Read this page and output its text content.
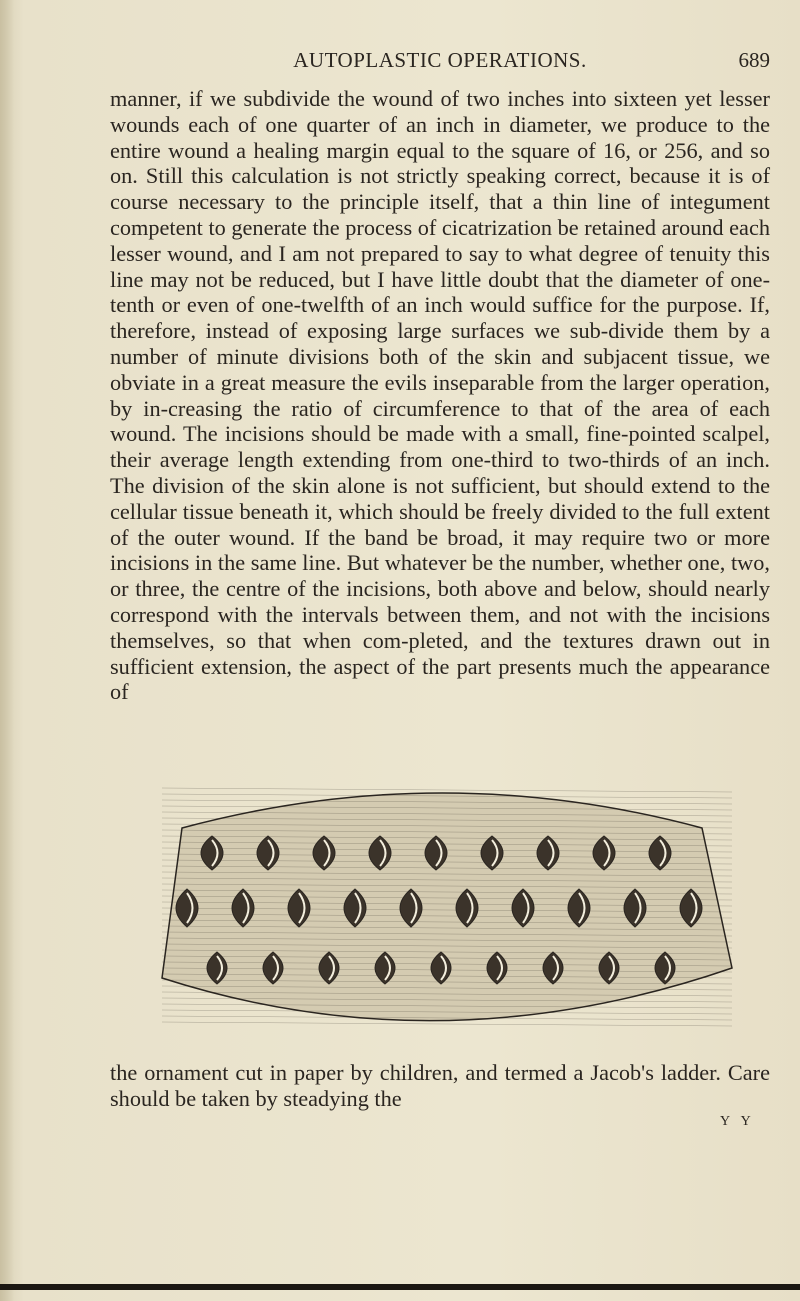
AUTOPLASTIC OPERATIONS.	689

manner, if we subdivide the wound of two inches into sixteen yet lesser wounds each of one quarter of an inch in diameter, we produce to the entire wound a healing margin equal to the square of 16, or 256, and so on. Still this calculation is not strictly speaking correct, because it is of course necessary to the principle itself, that a thin line of integument competent to generate the process of cicatrization be retained around each lesser wound, and I am not prepared to say to what degree of tenuity this line may not be reduced, but I have little doubt that the diameter of one-tenth or even of one-twelfth of an inch would suffice for the purpose. If, therefore, instead of exposing large surfaces we sub-divide them by a number of minute divisions both of the skin and subjacent tissue, we obviate in a great measure the evils inseparable from the larger operation, by in-creasing the ratio of circumference to that of the area of each wound. The incisions should be made with a small, fine-pointed scalpel, their average length extending from one-third to two-thirds of an inch. The division of the skin alone is not sufficient, but should extend to the cellular tissue beneath it, which should be freely divided to the full extent of the outer wound. If the band be broad, it may require two or more incisions in the same line. But whatever be the number, whether one, two, or three, the centre of the incisions, both above and below, should nearly correspond with the intervals between them, and not with the incisions themselves, so that when com-pleted, and the textures drawn out in sufficient extension, the aspect of the part presents much the appearance of

the ornament cut in paper by children, and termed a Jacob's ladder. Care should be taken by steadying the

Y Y
